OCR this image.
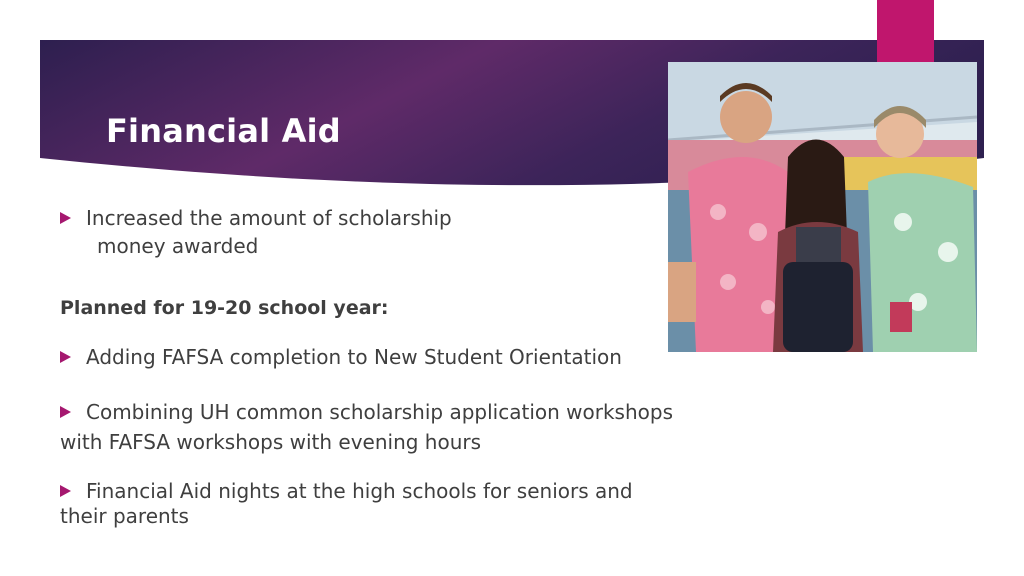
Financial Aid
Increased the amount of scholarship
money awarded
Planned for 19-20 school year:
Adding FAFSA completion to New Student Orientation
Combining UH common scholarship application workshops
with FAFSA workshops with evening hours
Financial Aid nights at the high schools for seniors and
their parents
